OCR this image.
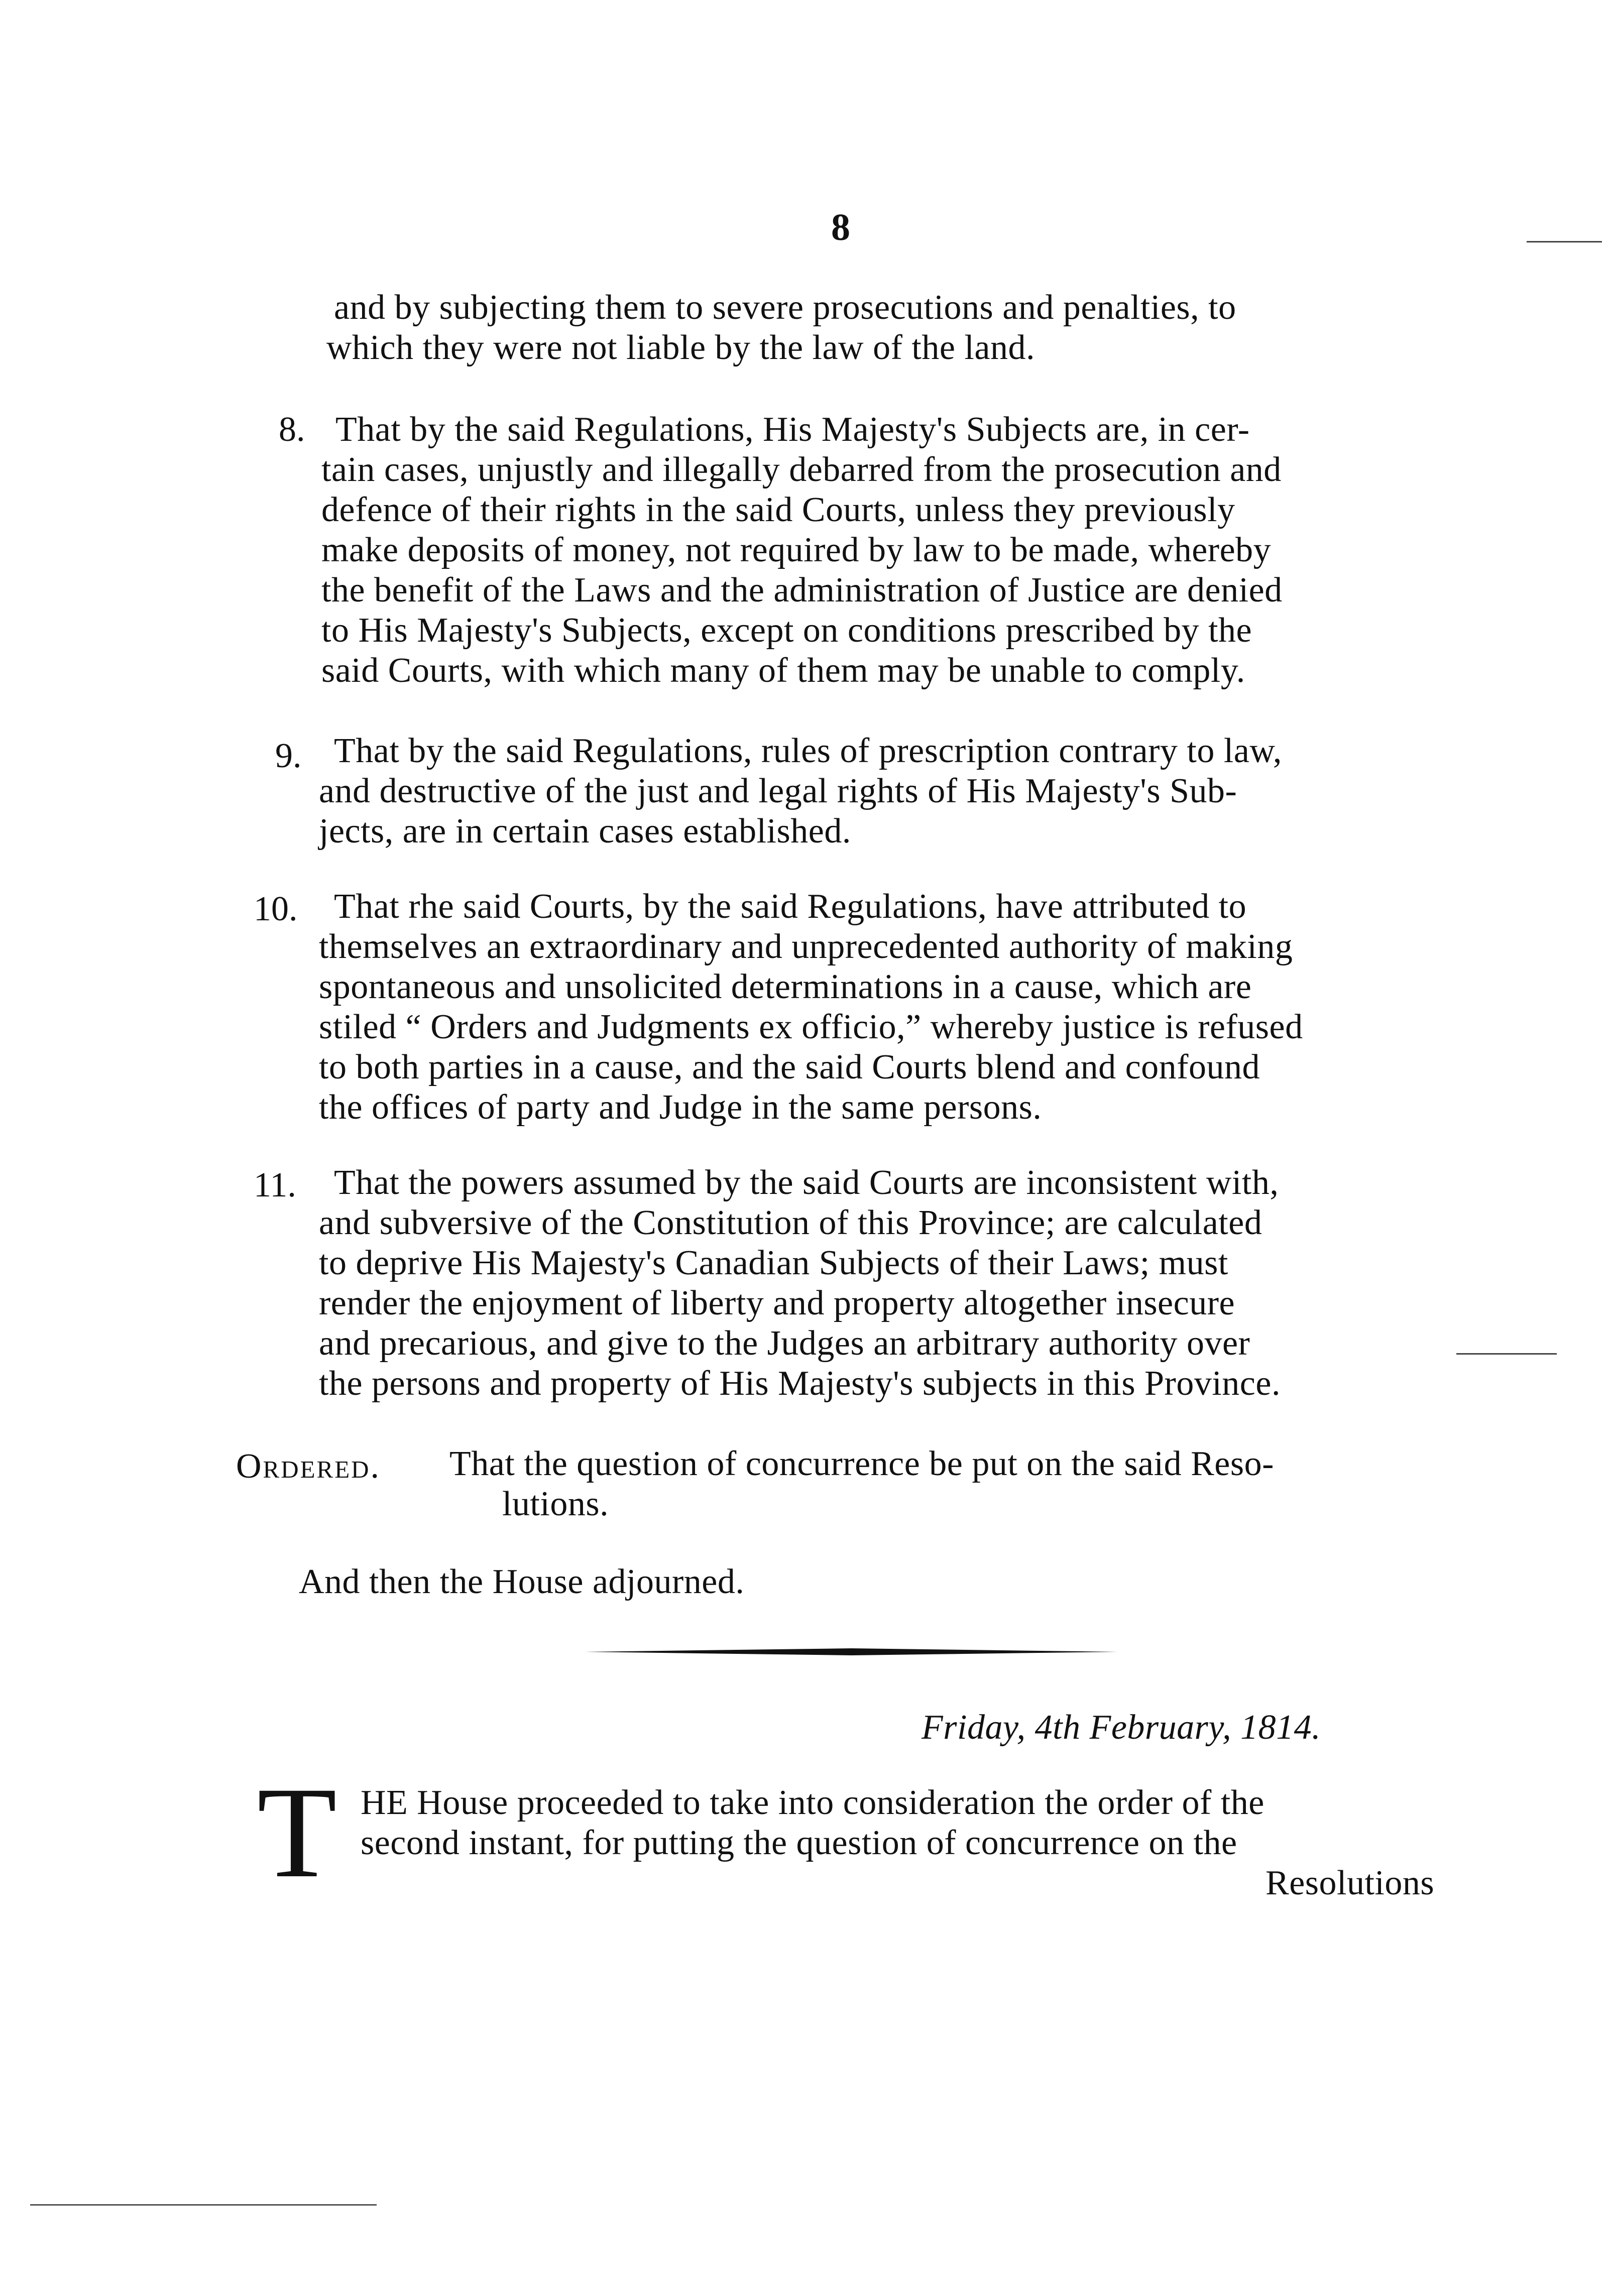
8
and by subjecting them to severe prosecutions and penalties, to
which they were not liable by the law of the land.
8. That by the said Regulations, His Majesty's Subjects are, in cer-
tain cases, unjustly and illegally debarred from the prosecution and
defence of their rights in the said Courts, unless they previously
make deposits of money, not required by law to be made, whereby
the benefit of the Laws and the administration of Justice are denied
to His Majesty's Subjects, except on conditions prescribed by the
said Courts, with which many of them may be unable to comply.
9. That by the said Regulations, rules of prescription contrary to law,
and destructive of the just and legal rights of His Majesty's Sub-
jects, are in certain cases established.
10. That rhe said Courts, by the said Regulations, have attributed to
themselves an extraordinary and unprecedented authority of making
spontaneous and unsolicited determinations in a cause, which are
stiled “ Orders and Judgments ex officio,” whereby justice is refused
to both parties in a cause, and the said Courts blend and confound
the offices of party and Judge in the same persons.
11. That the powers assumed by the said Courts are inconsistent with,
and subversive of the Constitution of this Province; are calculated
to deprive His Majesty's Canadian Subjects of their Laws; must
render the enjoyment of liberty and property altogether insecure
and precarious, and give to the Judges an arbitrary authority over
the persons and property of His Majesty's subjects in this Province.
Ordered. That the question of concurrence be put on the said Reso-
lutions.
And then the House adjourned.
Friday, 4th February, 1814.
T HE House proceeded to take into consideration the order of the
second instant, for putting the question of concurrence on the
Resolutions
